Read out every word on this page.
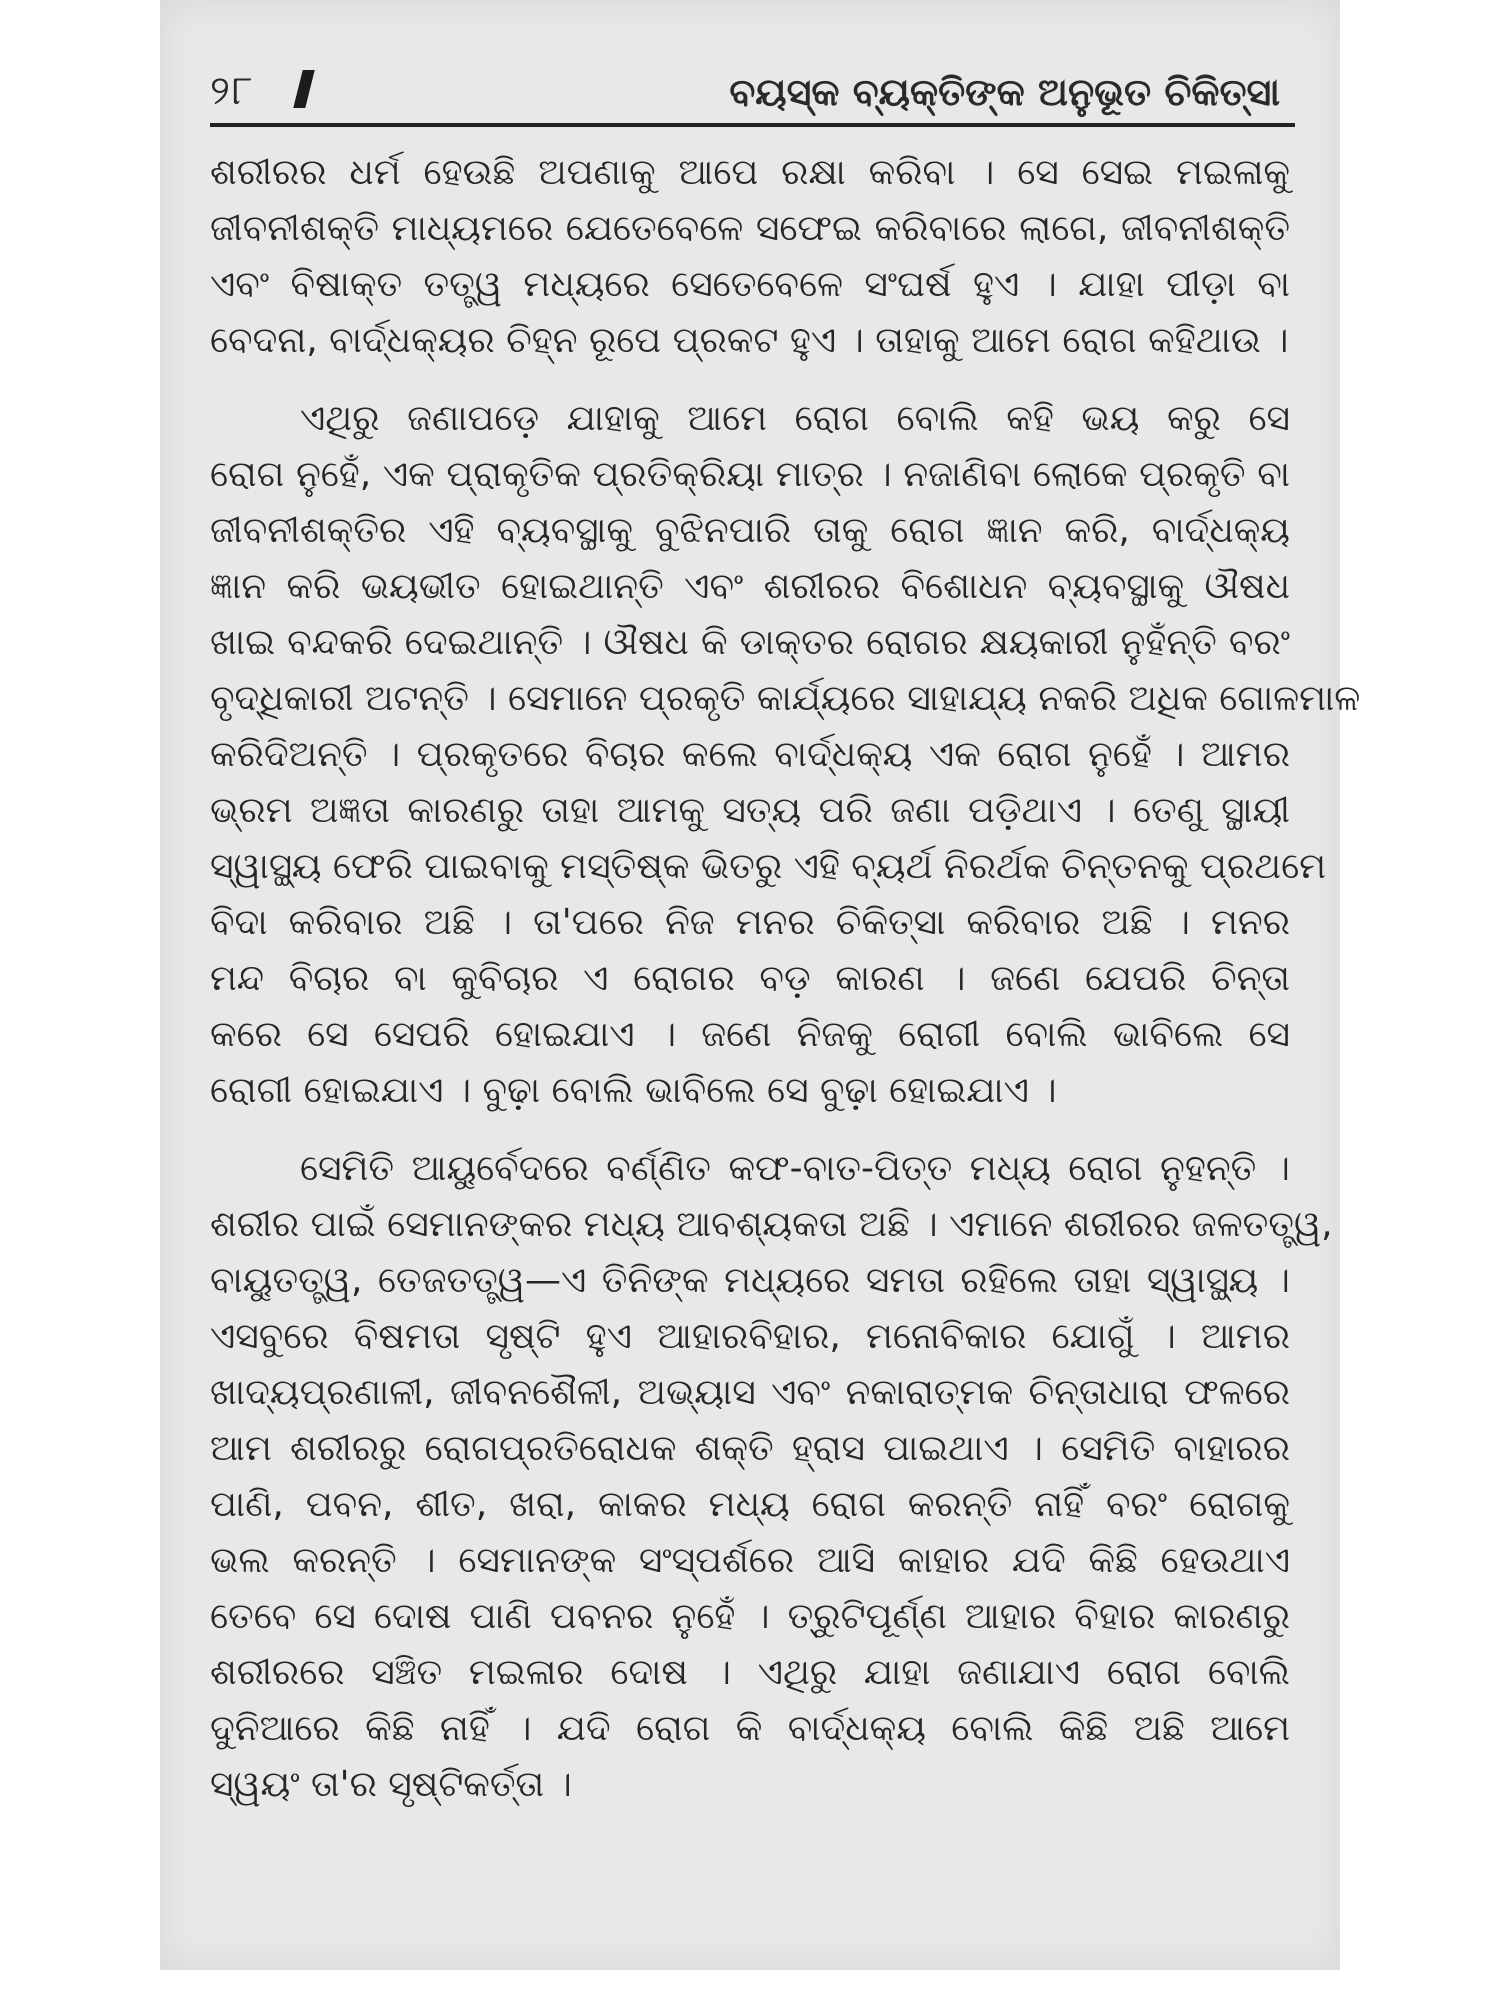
୨୮	ବୟସ୍କ ବ୍ୟକ୍ତିଙ୍କ ଅନୁଭୂତ ଚିକିତ୍ସା

ଶରୀରର ଧର୍ମ ହେଉଛି ଅପଣାକୁ ଆପେ ରକ୍ଷା କରିବା । ସେ ସେଇ ମଇଳାକୁ
ଜୀବନୀଶକ୍ତି ମାଧ୍ୟମରେ ଯେତେବେଳେ ସଫେଇ କରିବାରେ ଲାଗେ, ଜୀବନୀଶକ୍ତି
ଏବଂ ବିଷାକ୍ତ ତତ୍ତ୍ୱ ମଧ୍ୟରେ ସେତେବେଳେ ସଂଘର୍ଷ ହୁଏ । ଯାହା ପୀଡ଼ା ବା
ବେଦନା, ବାର୍ଦ୍ଧକ୍ୟର ଚିହ୍ନ ରୂପେ ପ୍ରକଟ ହୁଏ । ତାହାକୁ ଆମେ ରୋଗ କହିଥାଉ ।

ଏଥିରୁ ଜଣାପଡ଼େ ଯାହାକୁ ଆମେ ରୋଗ ବୋଲି କହି ଭୟ କରୁ ସେ
ରୋଗ ନୁହେଁ, ଏକ ପ୍ରାକୃତିକ ପ୍ରତିକ୍ରିୟା ମାତ୍ର । ନଜାଣିବା ଲୋକେ ପ୍ରକୃତି ବା
ଜୀବନୀଶକ୍ତିର ଏହି ବ୍ୟବସ୍ଥାକୁ ବୁଝିନପାରି ତାକୁ ରୋଗ ଜ୍ଞାନ କରି, ବାର୍ଦ୍ଧକ୍ୟ
ଜ୍ଞାନ କରି ଭୟଭୀତ ହୋଇଥାନ୍ତି ଏବଂ ଶରୀରର ବିଶୋଧନ ବ୍ୟବସ୍ଥାକୁ ଔଷଧ
ଖାଇ ବନ୍ଦକରି ଦେଇଥାନ୍ତି । ଔଷଧ କି ଡାକ୍ତର ରୋଗର କ୍ଷୟକାରୀ ନୁହଁନ୍ତି ବରଂ
ବୃଦ୍ଧିକାରୀ ଅଟନ୍ତି । ସେମାନେ ପ୍ରକୃତି କାର୍ଯ୍ୟରେ ସାହାଯ୍ୟ ନକରି ଅଧିକ ଗୋଳମାଳ
କରିଦିଅନ୍ତି । ପ୍ରକୃତରେ ବିଚାର କଲେ ବାର୍ଦ୍ଧକ୍ୟ ଏକ ରୋଗ ନୁହେଁ । ଆମର
ଭ୍ରମ ଅଜ୍ଞତା କାରଣରୁ ତାହା ଆମକୁ ସତ୍ୟ ପରି ଜଣା ପଡ଼ିଥାଏ । ତେଣୁ ସ୍ଥାୟୀ
ସ୍ୱାସ୍ଥ୍ୟ ଫେରି ପାଇବାକୁ ମସ୍ତିଷ୍କ ଭିତରୁ ଏହି ବ୍ୟର୍ଥ ନିରର୍ଥକ ଚିନ୍ତନକୁ ପ୍ରଥମେ
ବିଦା କରିବାର ଅଛି । ତା'ପରେ ନିଜ ମନର ଚିକିତ୍ସା କରିବାର ଅଛି । ମନର
ମନ୍ଦ ବିଚାର ବା କୁବିଚାର ଏ ରୋଗର ବଡ଼ କାରଣ । ଜଣେ ଯେପରି ଚିନ୍ତା
କରେ ସେ ସେପରି ହୋଇଯାଏ । ଜଣେ ନିଜକୁ ରୋଗୀ ବୋଲି ଭାବିଲେ ସେ
ରୋଗୀ ହୋଇଯାଏ । ବୁଢ଼ା ବୋଲି ଭାବିଲେ ସେ ବୁଢ଼ା ହୋଇଯାଏ ।

ସେମିତି ଆୟୁର୍ବେଦରେ ବର୍ଣ୍ଣିତ କଫ-ବାତ-ପିତ୍ତ ମଧ୍ୟ ରୋଗ ନୁହନ୍ତି ।
ଶରୀର ପାଇଁ ସେମାନଙ୍କର ମଧ୍ୟ ଆବଶ୍ୟକତା ଅଛି । ଏମାନେ ଶରୀରର ଜଳତତ୍ତ୍ୱ,
ବାୟୁତତ୍ତ୍ୱ, ତେଜତତ୍ତ୍ୱ—ଏ ତିନିଙ୍କ ମଧ୍ୟରେ ସମତା ରହିଲେ ତାହା ସ୍ୱାସ୍ଥ୍ୟ ।
ଏସବୁରେ ବିଷମତା ସୃଷ୍ଟି ହୁଏ ଆହାରବିହାର, ମନୋବିକାର ଯୋଗୁଁ । ଆମର
ଖାଦ୍ୟପ୍ରଣାଳୀ, ଜୀବନଶୈଳୀ, ଅଭ୍ୟାସ ଏବଂ ନକାରାତ୍ମକ ଚିନ୍ତାଧାରା ଫଳରେ
ଆମ ଶରୀରରୁ ରୋଗପ୍ରତିରୋଧକ ଶକ୍ତି ହ୍ରାସ ପାଇଥାଏ । ସେମିତି ବାହାରର
ପାଣି, ପବନ, ଶୀତ, ଖରା, କାକର ମଧ୍ୟ ରୋଗ କରନ୍ତି ନାହିଁ ବରଂ ରୋଗକୁ
ଭଲ କରନ୍ତି । ସେମାନଙ୍କ ସଂସ୍ପର୍ଶରେ ଆସି କାହାର ଯଦି କିଛି ହେଉଥାଏ
ତେବେ ସେ ଦୋଷ ପାଣି ପବନର ନୁହେଁ । ତ୍ରୁଟିପୂର୍ଣ୍ଣ ଆହାର ବିହାର କାରଣରୁ
ଶରୀରରେ ସଞ୍ଚିତ ମଇଳାର ଦୋଷ । ଏଥିରୁ ଯାହା ଜଣାଯାଏ ରୋଗ ବୋଲି
ଦୁନିଆରେ କିଛି ନାହିଁ । ଯଦି ରୋଗ କି ବାର୍ଦ୍ଧକ୍ୟ ବୋଲି କିଛି ଅଛି ଆମେ
ସ୍ୱୟଂ ତା'ର ସୃଷ୍ଟିକର୍ତ୍ତା ।
